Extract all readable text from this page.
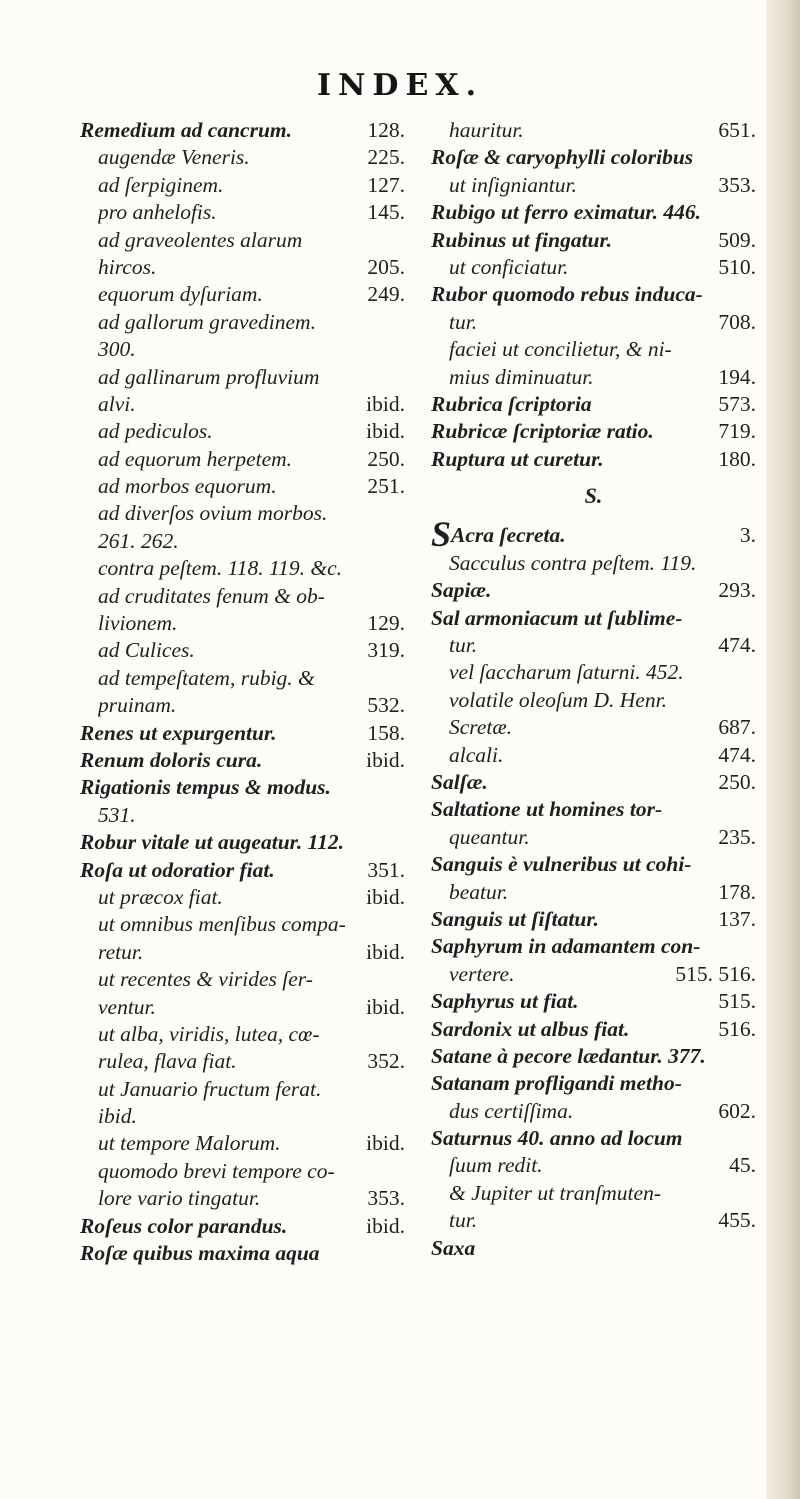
INDEX.
Remedium ad cancrum.	128.
augendæ Veneris.	225.
ad ſerpiginem.	127.
pro anhelofis.	145.
ad graveolentes alarum
hircos.	205.
equorum dyſuriam.	249.
ad gallorum gravedinem.
300.
ad gallinarum profluvium
alvi.	ibid.
ad pediculos.	ibid.
ad equorum herpetem.	250.
ad morbos equorum.	251.
ad diverſos ovium morbos.
261. 262.
contra peſtem. 118. 119. &c.
ad cruditates fenum & ob-
livionem.	129.
ad Culices.	319.
ad tempeſtatem, rubig. &
pruinam.	532.
Renes ut expurgentur.	158.
Renum doloris cura.	ibid.
Rigationis tempus & modus.
531.
Robur vitale ut augeatur. 112.
Roſa ut odoratior fiat.	351.
ut præcox fiat.	ibid.
ut omnibus menſibus compa-
retur.	ibid.
ut recentes & virides ſer-
ventur.	ibid.
ut alba, viridis, lutea, cœ-
rulea, flava fiat.	352.
ut Januario fructum ferat.
ibid.
ut tempore Malorum.	ibid.
quomodo brevi tempore co-
lore vario tingatur.	353.
Roſeus color parandus.	ibid.
Roſæ quibus maxima aqua
hauritur.	651.
Roſæ & caryophylli coloribus
ut inſigniantur.	353.
Rubigo ut ferro eximatur. 446.
Rubinus ut fingatur.	509.
ut conficiatur.	510.
Rubor quomodo rebus induca-
tur.	708.
faciei ut concilietur, & ni-
mius diminuatur.	194.
Rubrica ſcriptoria	573.
Rubricæ ſcriptoriæ ratio.	719.
Ruptura ut curetur.	180.
S.
SAcra ſecreta.	3.
Sacculus contra peſtem. 119.
Sapiæ.	293.
Sal armoniacum ut ſublime-
tur.	474.
vel ſaccharum ſaturni. 452.
volatile oleoſum D. Henr.
Scretæ.	687.
alcali.	474.
Salſæ.	250.
Saltatione ut homines tor-
queantur.	235.
Sanguis è vulneribus ut cohi-
beatur.	178.
Sanguis ut ſiſtatur.	137.
Saphyrum in adamantem con-
vertere.	515. 516.
Saphyrus ut fiat.	515.
Sardonix ut albus fiat.	516.
Satane à pecore lædantur. 377.
Satanam profligandi metho-
dus certiſſima.	602.
Saturnus 40. anno ad locum
ſuum redit.	45.
& Jupiter ut tranſmuten-
tur.	455.
Saxa
